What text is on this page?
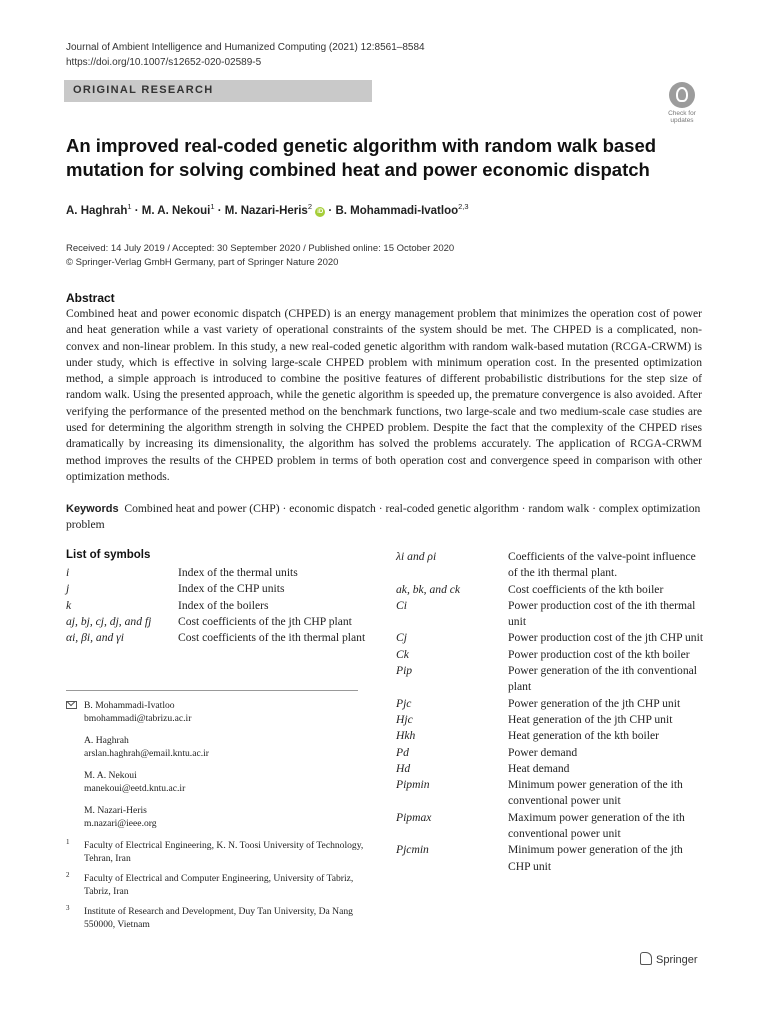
Journal of Ambient Intelligence and Humanized Computing (2021) 12:8561–8584
https://doi.org/10.1007/s12652-020-02589-5
ORIGINAL RESEARCH
Check for updates
An improved real-coded genetic algorithm with random walk based mutation for solving combined heat and power economic dispatch
A. Haghrah$^1$ · M. A. Nekoui$^1$ · M. Nazari-Heris$^2$ iD · B. Mohammadi-Ivatloo$^{2,3}$
Received: 14 July 2019 / Accepted: 30 September 2020 / Published online: 15 October 2020
© Springer-Verlag GmbH Germany, part of Springer Nature 2020
Abstract
Combined heat and power economic dispatch (CHPED) is an energy management problem that minimizes the operation cost of power and heat generation while a vast variety of operational constraints of the system should be met. The CHPED is a complicated, non-convex and non-linear problem. In this study, a new real-coded genetic algorithm with random walk-based mutation (RCGA-CRWM) is under study, which is effective in solving large-scale CHPED problem with minimum operation cost. In the presented optimization method, a simple approach is introduced to combine the positive features of different probabilistic distributions for the step size of random walk. Using the presented approach, while the genetic algorithm is speeded up, the premature convergence is also avoided. After verifying the performance of the presented method on the benchmark functions, two large-scale and two medium-scale case studies are used for determining the algorithm strength in solving the CHPED problem. Despite the fact that the complexity of the CHPED rises dramatically by increasing its dimensionality, the algorithm has solved the problems accurately. The application of RCGA-CRWM method improves the results of the CHPED problem in terms of both operation cost and convergence speed in comparison with other optimization methods.
Keywords Combined heat and power (CHP) · economic dispatch · real-coded genetic algorithm · random walk · complex optimization problem
List of symbols
i	Index of the thermal units
j	Index of the CHP units
k	Index of the boilers
aj, bj, cj, dj, and fj	Cost coefficients of the jth CHP plant
αi, βi, and γi	Cost coefficients of the ith thermal plant
λi and ρi	Coefficients of the valve-point influence of the ith thermal plant.
ak, bk, and ck	Cost coefficients of the kth boiler
Ci	Power production cost of the ith thermal unit
Cj	Power production cost of the jth CHP unit
Ck	Power production cost of the kth boiler
Pip	Power generation of the ith conventional plant
Pjc	Power generation of the jth CHP unit
Hjc	Heat generation of the jth CHP unit
Hkh	Heat generation of the kth boiler
Pd	Power demand
Hd	Heat demand
Pipmin	Minimum power generation of the ith conventional power unit
Pipmax	Maximum power generation of the ith conventional power unit
Pjcmin	Minimum power generation of the jth CHP unit
B. Mohammadi-Ivatloo
bmohammadi@tabrizu.ac.ir
A. Haghrah
arslan.haghrah@email.kntu.ac.ir
M. A. Nekoui
manekoui@eetd.kntu.ac.ir
M. Nazari-Heris
m.nazari@ieee.org
1 Faculty of Electrical Engineering, K. N. Toosi University of Technology, Tehran, Iran
2 Faculty of Electrical and Computer Engineering, University of Tabriz, Tabriz, Iran
3 Institute of Research and Development, Duy Tan University, Da Nang 550000, Vietnam
Springer
